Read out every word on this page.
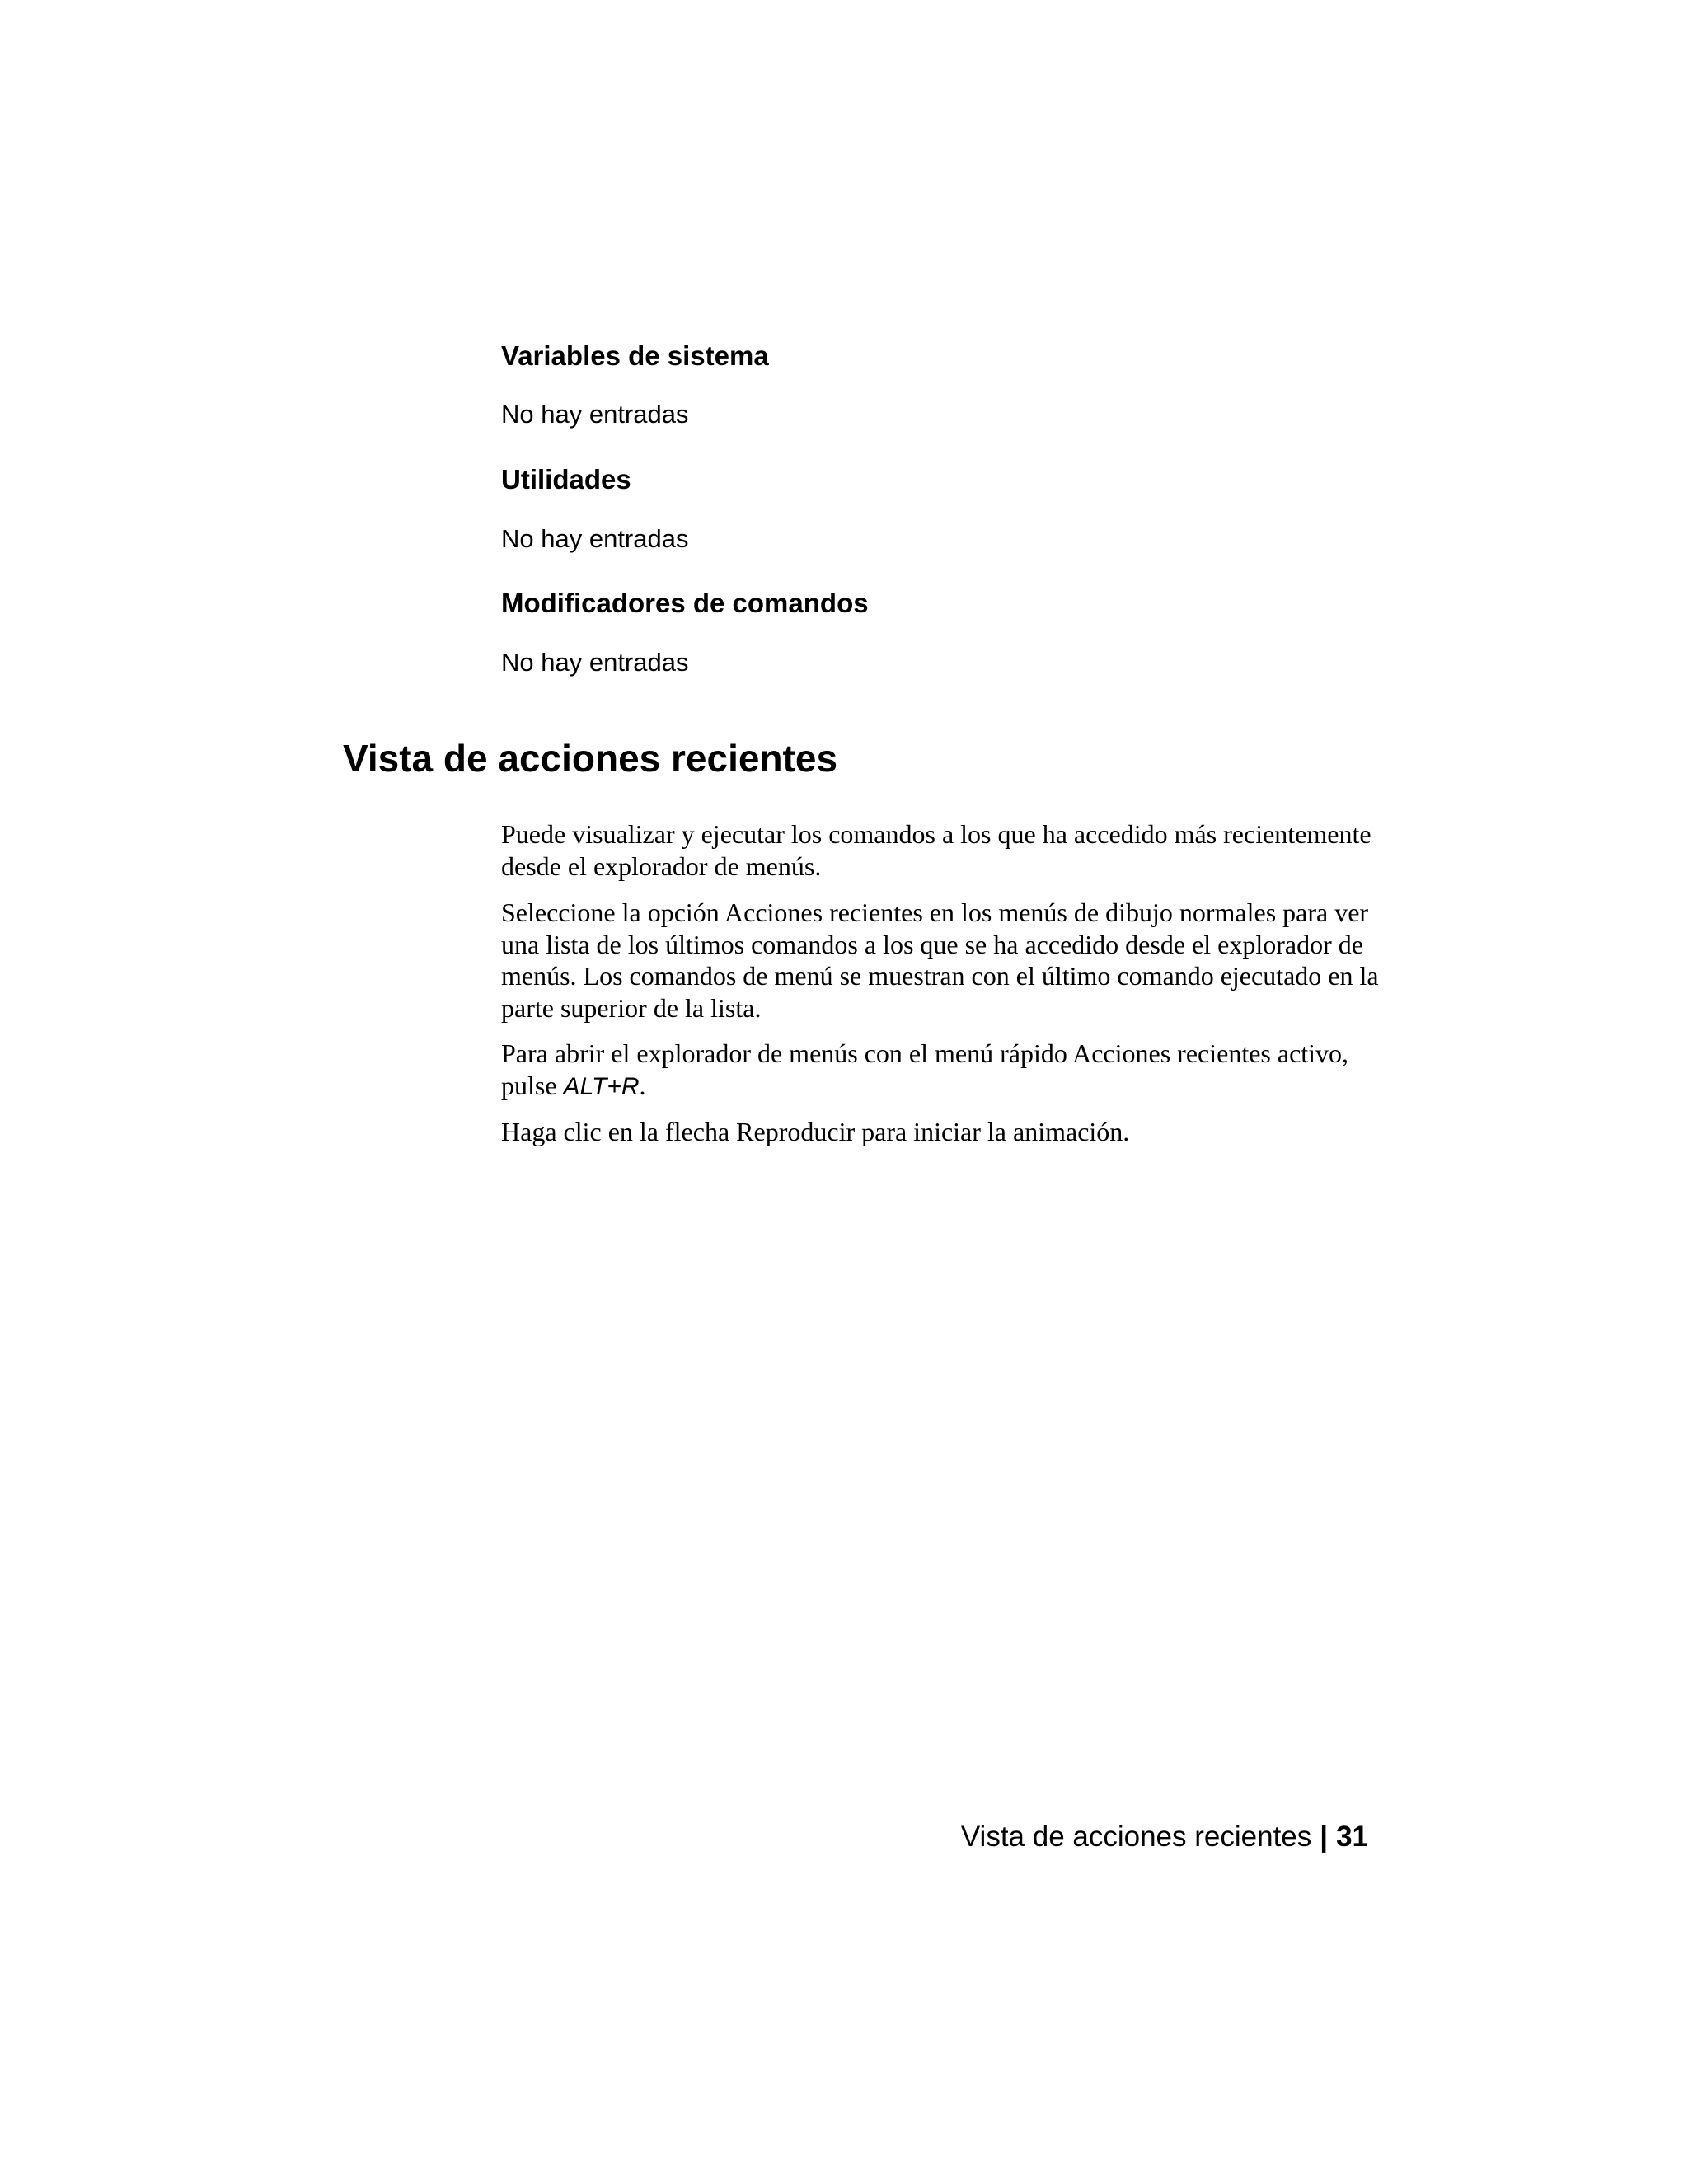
Variables de sistema
No hay entradas
Utilidades
No hay entradas
Modificadores de comandos
No hay entradas
Vista de acciones recientes

Puede visualizar y ejecutar los comandos a los que ha accedido más recientemente desde el explorador de menús.

Seleccione la opción Acciones recientes en los menús de dibujo normales para ver una lista de los últimos comandos a los que se ha accedido desde el explorador de menús. Los comandos de menú se muestran con el último comando ejecutado en la parte superior de la lista.

Para abrir el explorador de menús con el menú rápido Acciones recientes activo, pulse ALT+R.

Haga clic en la flecha Reproducir para iniciar la animación.

Vista de acciones recientes | 31
